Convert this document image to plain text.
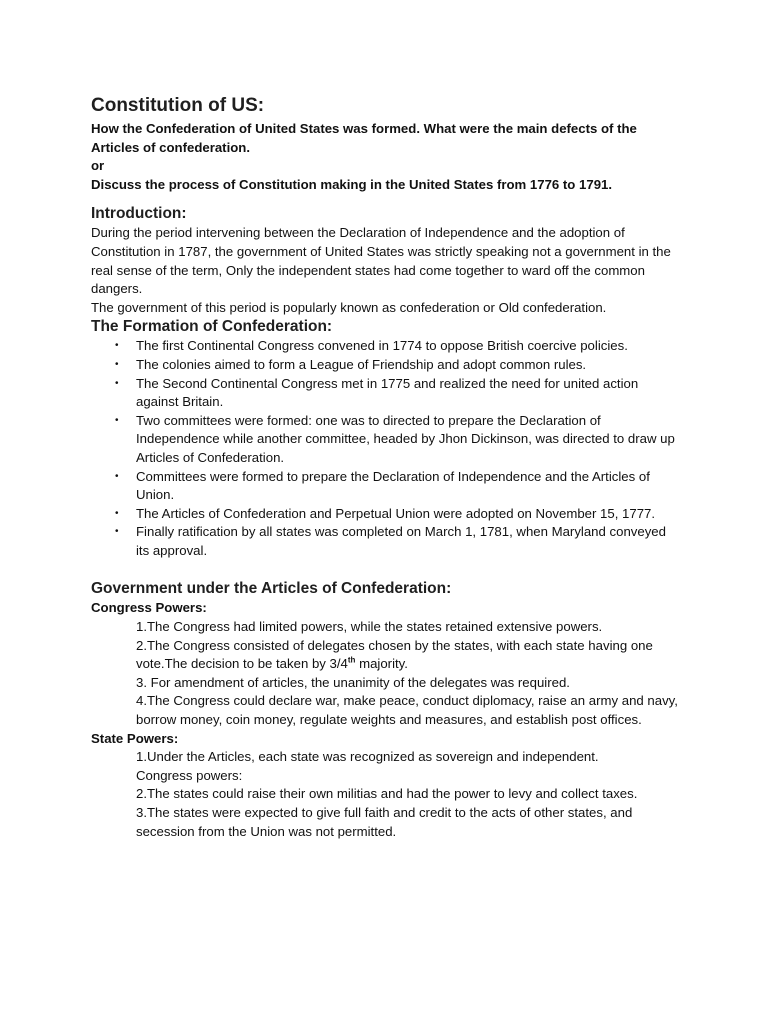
Constitution of US:

How the Confederation of United States was formed. What were the main defects of the Articles of confederation.

or

Discuss the process of Constitution making in the United States from 1776 to 1791.

Introduction:

During the period intervening between the Declaration of Independence and the adoption of Constitution in 1787, the government of United States was strictly speaking not a government in the real sense of the term, Only the independent states had come together to ward off the common dangers.

The government of this period is popularly known as confederation or Old confederation.

The Formation of Confederation:
• The first Continental Congress convened in 1774 to oppose British coercive policies.
• The colonies aimed to form a League of Friendship and adopt common rules.
• The Second Continental Congress met in 1775 and realized the need for united action against Britain.
• Two committees were formed: one was to directed to prepare the Declaration of Independence while another committee, headed by Jhon Dickinson, was directed to draw up Articles of Confederation.
• Committees were formed to prepare the Declaration of Independence and the Articles of Union.
• The Articles of Confederation and Perpetual Union were adopted on November 15, 1777.
• Finally ratification by all states was completed on March 1, 1781, when Maryland conveyed its approval.
Government under the Articles of Confederation:

Congress Powers:

1.The Congress had limited powers, while the states retained extensive powers.

2.The Congress consisted of delegates chosen by the states, with each state having one vote.The decision to be taken by 3/4th majority.

3. For amendment of articles, the unanimity of the delegates was required.

4.The Congress could declare war, make peace, conduct diplomacy, raise an army and navy, borrow money, coin money, regulate weights and measures, and establish post offices.

State Powers:

1.Under the Articles, each state was recognized as sovereign and independent.

Congress powers:

2.The states could raise their own militias and had the power to levy and collect taxes.

3.The states were expected to give full faith and credit to the acts of other states, and secession from the Union was not permitted.
